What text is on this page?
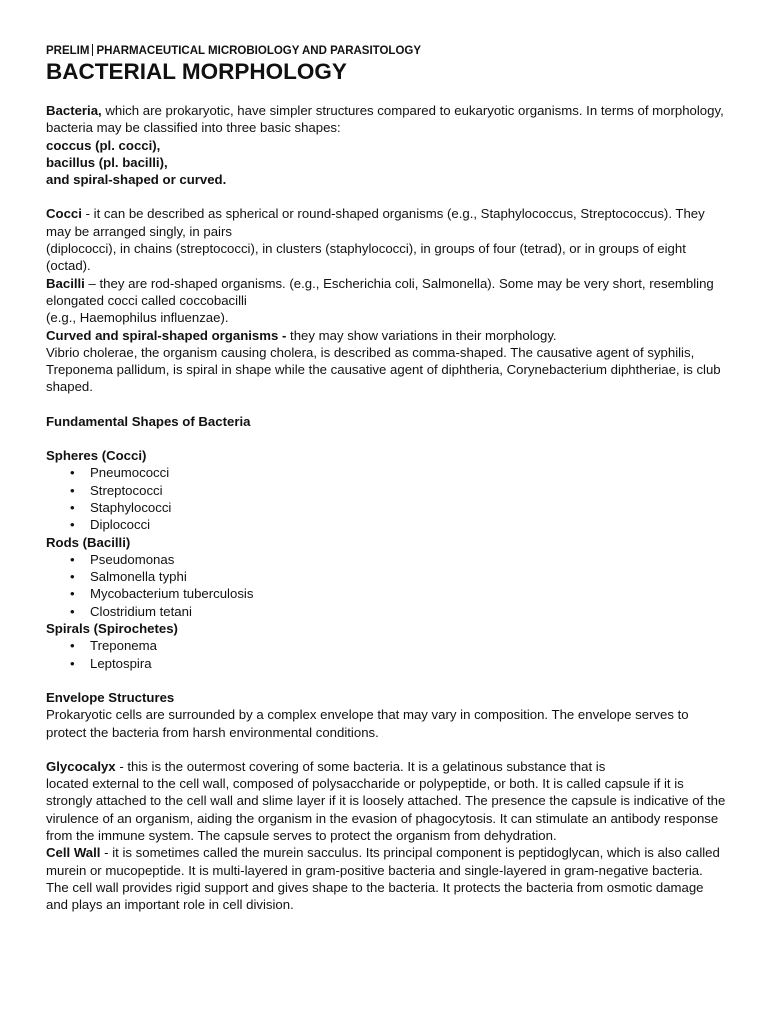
PRELIM PHARMACEUTICAL MICROBIOLOGY AND PARASITOLOGY
BACTERIAL MORPHOLOGY

Bacteria, which are prokaryotic, have simpler structures compared to eukaryotic organisms. In terms of morphology, bacteria may be classified into three basic shapes:

coccus (pl. cocci),
bacillus (pl. bacilli),
and spiral-shaped or curved.

Cocci - it can be described as spherical or round-shaped organisms (e.g., Staphylococcus, Streptococcus). They may be arranged singly, in pairs

(diplococci), in chains (streptococci), in clusters (staphylococci), in groups of four (tetrad), or in groups of eight (octad).

Bacilli – they are rod-shaped organisms. (e.g., Escherichia coli, Salmonella). Some may be very short, resembling elongated cocci called coccobacilli

(e.g., Haemophilus influenzae).

Curved and spiral-shaped organisms - they may show variations in their morphology.

Vibrio cholerae, the organism causing cholera, is described as comma-shaped. The causative agent of syphilis, Treponema pallidum, is spiral in shape while the causative agent of diphtheria, Corynebacterium diphtheriae, is club shaped.

Fundamental Shapes of Bacteria
Spheres (Cocci)
• Pneumococci
• Streptococci
• Staphylococci
• Diplococci
Rods (Bacilli)
• Pseudomonas
• Salmonella typhi
• Mycobacterium tuberculosis
• Clostridium tetani
Spirals (Spirochetes)
• Treponema
• Leptospira
Envelope Structures

Prokaryotic cells are surrounded by a complex envelope that may vary in composition. The envelope serves to protect the bacteria from harsh environmental conditions.

Glycocalyx - this is the outermost covering of some bacteria. It is a gelatinous substance that is

located external to the cell wall, composed of polysaccharide or polypeptide, or both. It is called capsule if it is strongly attached to the cell wall and slime layer if it is loosely attached. The presence the capsule is indicative of the virulence of an organism, aiding the organism in the evasion of phagocytosis. It can stimulate an antibody response from the immune system. The capsule serves to protect the organism from dehydration.

Cell Wall - it is sometimes called the murein sacculus. Its principal component is peptidoglycan, which is also called murein or mucopeptide. It is multi-layered in gram-positive bacteria and single-layered in gram-negative bacteria. The cell wall provides rigid support and gives shape to the bacteria. It protects the bacteria from osmotic damage and plays an important role in cell division.
